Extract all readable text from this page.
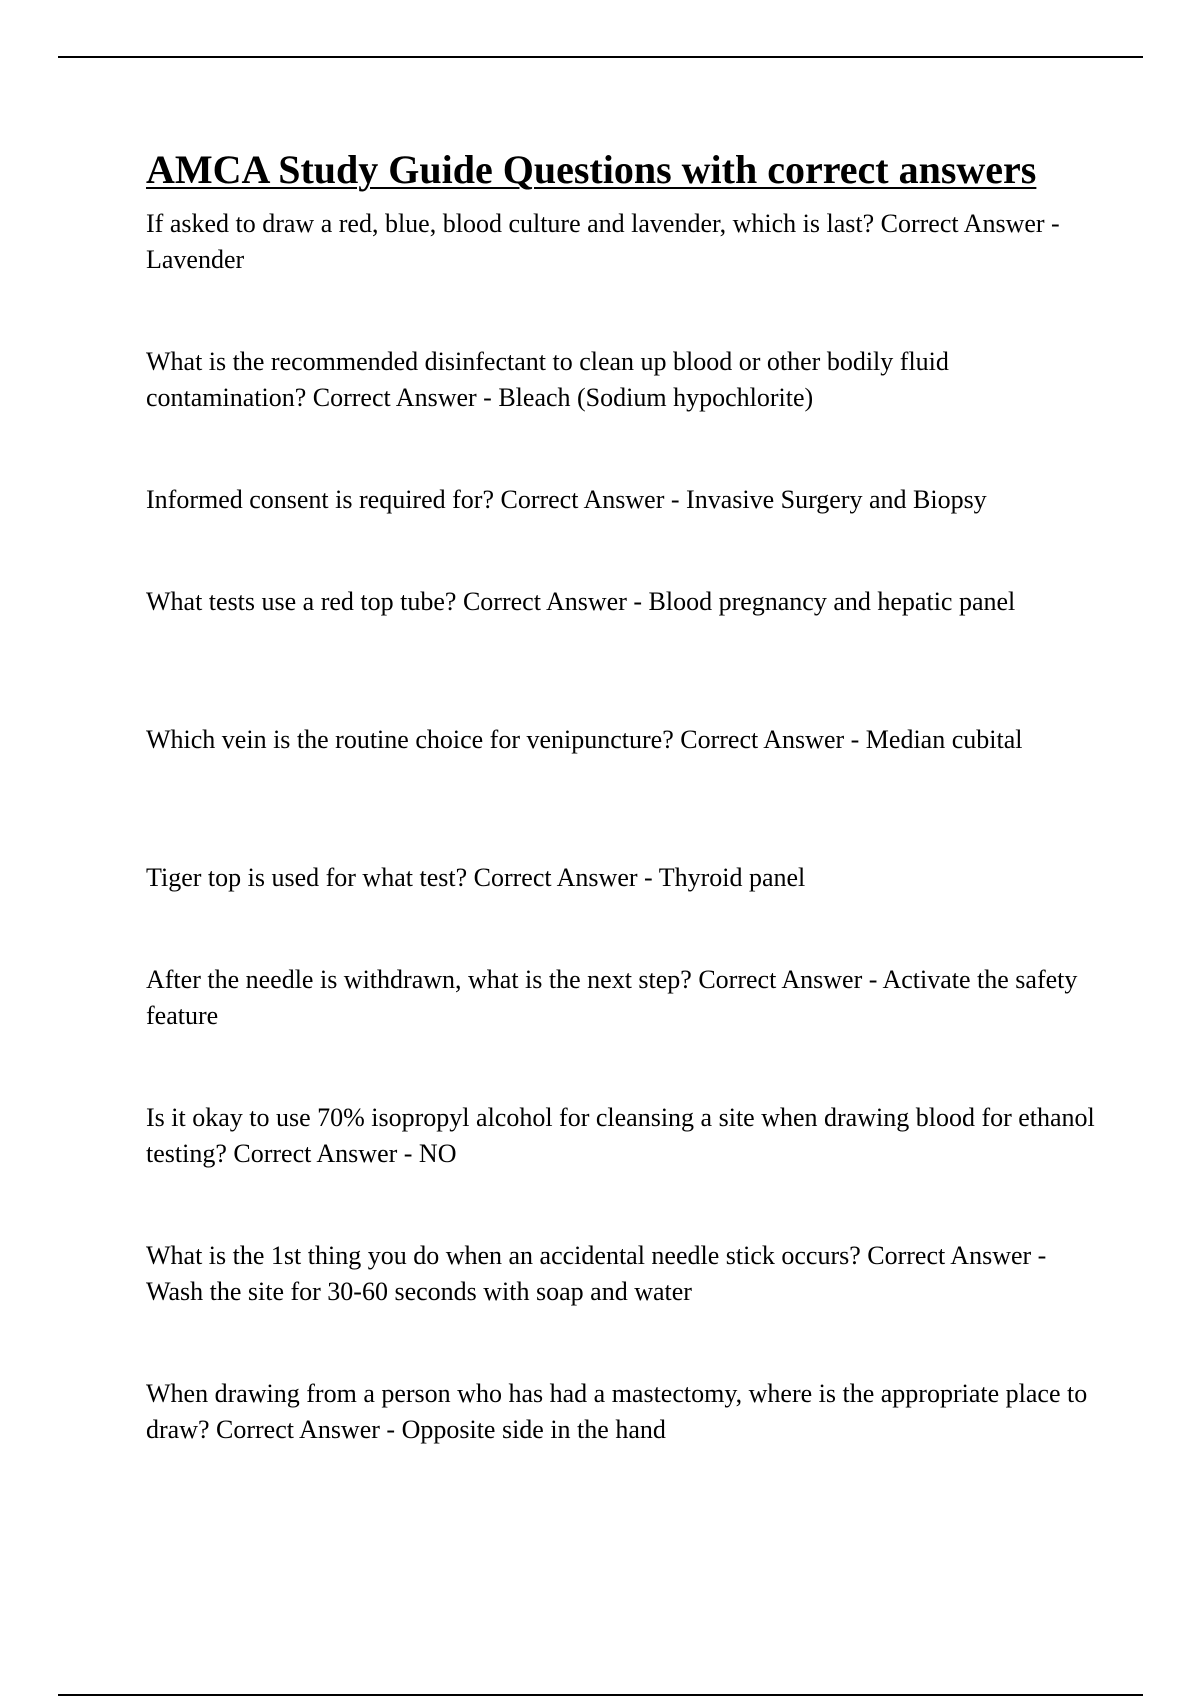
AMCA Study Guide Questions with correct answers

If asked to draw a red, blue, blood culture and lavender, which is last? Correct Answer - Lavender

What is the recommended disinfectant to clean up blood or other bodily fluid contamination? Correct Answer - Bleach (Sodium hypochlorite)

Informed consent is required for? Correct Answer - Invasive Surgery and Biopsy

What tests use a red top tube? Correct Answer - Blood pregnancy and hepatic panel

Which vein is the routine choice for venipuncture? Correct Answer - Median cubital

Tiger top is used for what test? Correct Answer - Thyroid panel

After the needle is withdrawn, what is the next step? Correct Answer - Activate the safety feature

Is it okay to use 70% isopropyl alcohol for cleansing a site when drawing blood for ethanol testing? Correct Answer - NO

What is the 1st thing you do when an accidental needle stick occurs? Correct Answer - Wash the site for 30-60 seconds with soap and water

When drawing from a person who has had a mastectomy, where is the appropriate place to draw? Correct Answer - Opposite side in the hand
